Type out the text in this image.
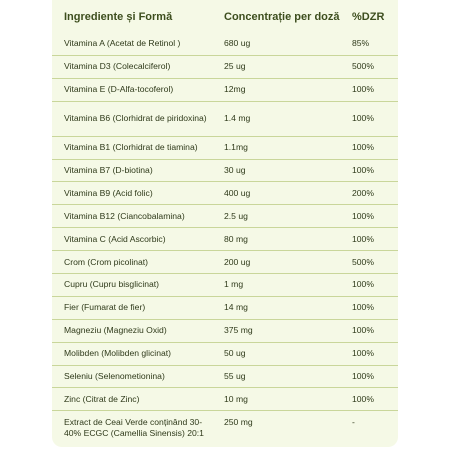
Ingrediente și Formă	Concentrație per doză	%DZR
Vitamina A (Acetat de Retinol )	680 ug	85%
Vitamina D3 (Colecalciferol)	25 ug	500%
Vitamina E (D-Alfa-tocoferol)	12mg	100%
Vitamina B6 (Clorhidrat de piridoxina)	1.4 mg	100%
Vitamina B1 (Clorhidrat de tiamina)	1.1mg	100%
Vitamina B7 (D-biotina)	30 ug	100%
Vitamina B9 (Acid folic)	400 ug	200%
Vitamina B12 (Ciancobalamina)	2.5 ug	100%
Vitamina C (Acid Ascorbic)	80 mg	100%
Crom (Crom picolinat)	200 ug	500%
Cupru (Cupru bisglicinat)	1 mg	100%
Fier (Fumarat de fier)	14 mg	100%
Magneziu (Magneziu Oxid)	375 mg	100%
Molibden (Molibden glicinat)	50 ug	100%
Seleniu (Selenometionina)	55 ug	100%
Zinc (Citrat de Zinc)	10 mg	100%
Extract de Ceai Verde conținând 30-40% ECGC (Camellia Sinensis) 20:1	250 mg	-
